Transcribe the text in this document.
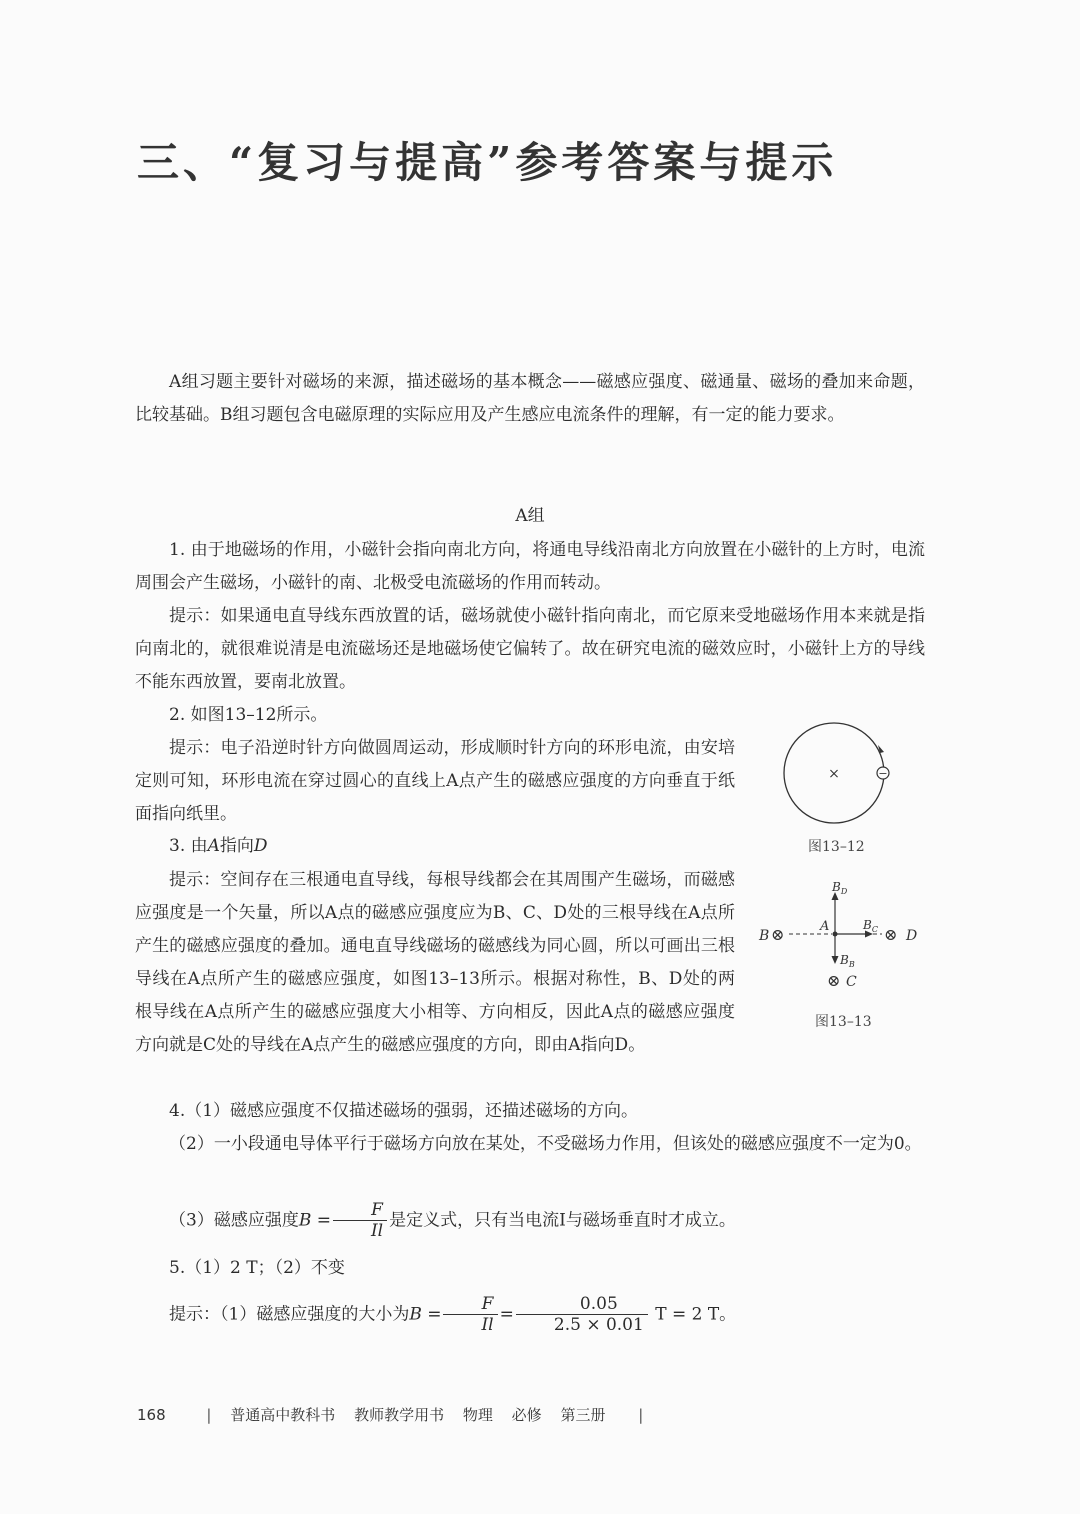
三、“复习与提高”参考答案与提示

A组习题主要针对磁场的来源，描述磁场的基本概念——磁感应强度、磁通量、磁场的叠加来命题，比较基础。B组习题包含电磁原理的实际应用及产生感应电流条件的理解，有一定的能力要求。

A组

1. 由于地磁场的作用，小磁针会指向南北方向，将通电导线沿南北方向放置在小磁针的上方时，电流周围会产生磁场，小磁针的南、北极受电流磁场的作用而转动。

提示：如果通电直导线东西放置的话，磁场就使小磁针指向南北，而它原来受地磁场作用本来就是指向南北的，就很难说清是电流磁场还是地磁场使它偏转了。故在研究电流的磁效应时，小磁针上方的导线不能东西放置，要南北放置。

2. 如图13–12所示。

提示：电子沿逆时针方向做圆周运动，形成顺时针方向的环形电流，由安培定则可知，环形电流在穿过圆心的直线上A点产生的磁感应强度的方向垂直于纸面指向纸里。

3. 由A指向D

提示：空间存在三根通电直导线，每根导线都会在其周围产生磁场，而磁感应强度是一个矢量，所以A点的磁感应强度应为B、C、D处的三根导线在A点所产生的磁感应强度的叠加。通电直导线磁场的磁感线为同心圆，所以可画出三根导线在A点所产生的磁感应强度，如图13–13所示。根据对称性，B、D处的两根导线在A点所产生的磁感应强度大小相等、方向相反，因此A点的磁感应强度方向就是C处的导线在A点产生的磁感应强度的方向，即由A指向D。

4.（1）磁感应强度不仅描述磁场的强弱，还描述磁场的方向。

（2）一小段通电导体平行于磁场方向放在某处，不受磁场力作用，但该处的磁感应强度不一定为0。

（3）磁感应强度$B = \frac{F}{Il}$ 是定义式，只有当电流I与磁场垂直时才成立。

5.（1）2 T；（2）不变

提示：（1）磁感应强度的大小为$B = \frac{F}{Il} = \frac{0.05}{2.5 \times 0.01}$ T = 2 T。

×	−
图13–12
B ⊗	⊗ D
A
$B_D$
$B_C$
$B_B$
⊗ C
图13–13
168	| 普通高中教科书 教师教学用书 物理 必修 第三册 |
